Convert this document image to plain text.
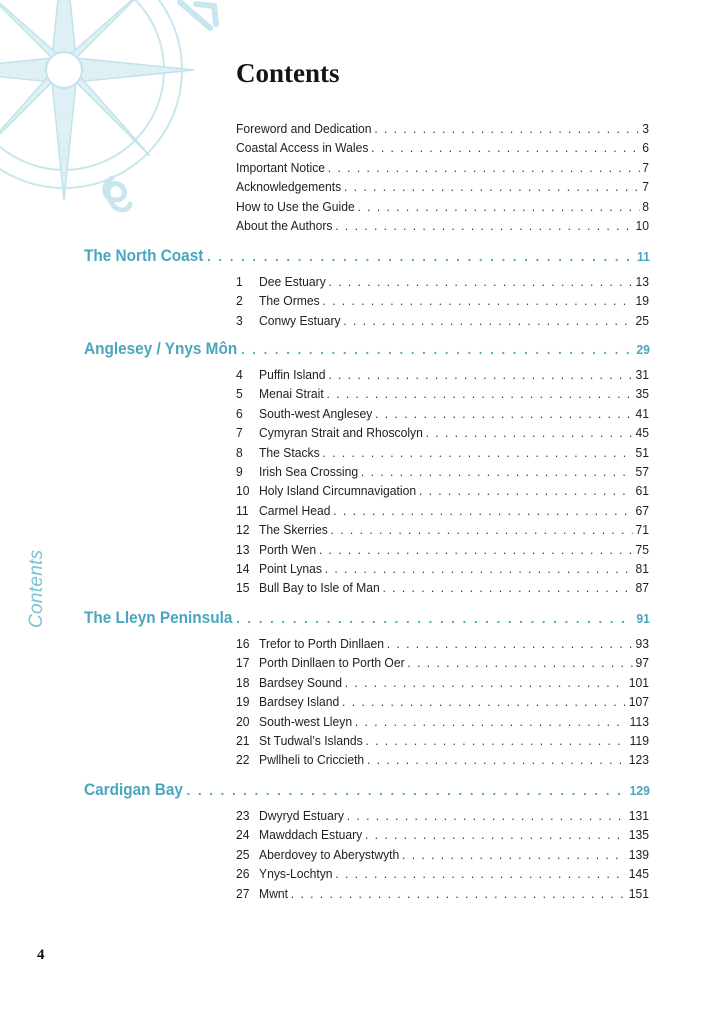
Contents
Contents
Foreword and Dedication . . .	3
Coastal Access in Wales . . .	6
Important Notice . . .	7
Acknowledgements . . .	7
How to Use the Guide . . .	8
About the Authors . . .	10
The North Coast . . .	11
1	Dee Estuary . . .	13
2	The Ormes . . .	19
3	Conwy Estuary . . .	25
Anglesey / Ynys Môn . . .	29
4	Puffin Island . . .	31
5	Menai Strait . . .	35
6	South-west Anglesey . . .	41
7	Cymyran Strait and Rhoscolyn . . .	45
8	The Stacks . . .	51
9	Irish Sea Crossing . . .	57
10 Holy Island Circumnavigation . . .	61
11 Carmel Head . . .	67
12 The Skerries . . .	71
13 Porth Wen . . .	75
14 Point Lynas . . .	81
15 Bull Bay to Isle of Man . . .	87
The Lleyn Peninsula . . .	91
16 Trefor to Porth Dinllaen . . .	93
17 Porth Dinllaen to Porth Oer . . .	97
18 Bardsey Sound . . .	101
19 Bardsey Island . . .	107
20 South-west Lleyn . . .	113
21 St Tudwal’s Islands . . .	119
22 Pwllheli to Criccieth . . .	123
Cardigan Bay . . .	129
23 Dwyryd Estuary . . .	131
24 Mawddach Estuary . . .	135
25 Aberdovey to Aberystwyth . . .	139
26 Ynys-Lochtyn . . .	145
27 Mwnt . . .	151
4
